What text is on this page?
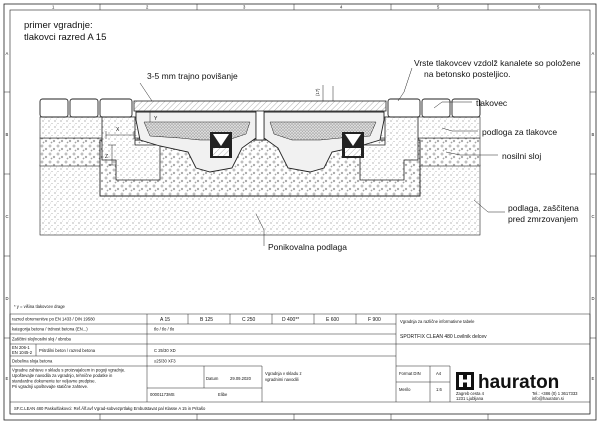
1	2	3	4	5	6
A
B
C
D
E
A
B
C
D
E
primer vgradnje:
tlakovci razred A 15
X
Y
Z
(17)
3-5 mm trajno povišanje
Vrste tlakovcev vzdolž kanalete so položene
na betonsko posteljico.
tlakovec
podloga za tlakovce
nosilni sloj
podlaga, zaščitena
pred zmrzovanjem
Ponikovalna podlaga
* y = višina tlakovcev drage
razred obremenitve po EN 1433 / DIN 19580	A 15	B 125	C 250	D 400**	E 600	F 900
kategorija betona / trdnost betona (EN...)	tlo / tlo / tlo
Zaščitni sloj/nosilni sloj / obroba
EN 206-1
EN 1045-2 Pritrdilni beton / razred betona	C 25/30 XD
Debelina sloja betona	≥25/30 XF3
Vgradne zahteve v skladu s proizvajalcem in pogoji vgradnje.
Upoštevajte navodila za vgradnjo, tehnične podatke in
standardne dokumente ter veljavne predpise.
Pri vgradnji upoštevajte statične zahteve.
Datum	29.09.2020
00001173MS	Elibe
Vgradnja v skladu z
vgradnimi navodili
Vgradnja za različne informativne tabele
SPORTFIX CLEAN 480 Lovilnik delcev
Format DIN	A4
Merilo	1:6 hauraton
Zagreb cesta 4
1231 Ljubljana
Tel.: +386 (0) 1 3617333
info@hauraton.si
SF.C.LEAN 480 Pasku/tlakovci: Ref.Älf.avf Vgrad-sobvezprtlakg Embutstavat pal Klasse A 15 in Pritašo
